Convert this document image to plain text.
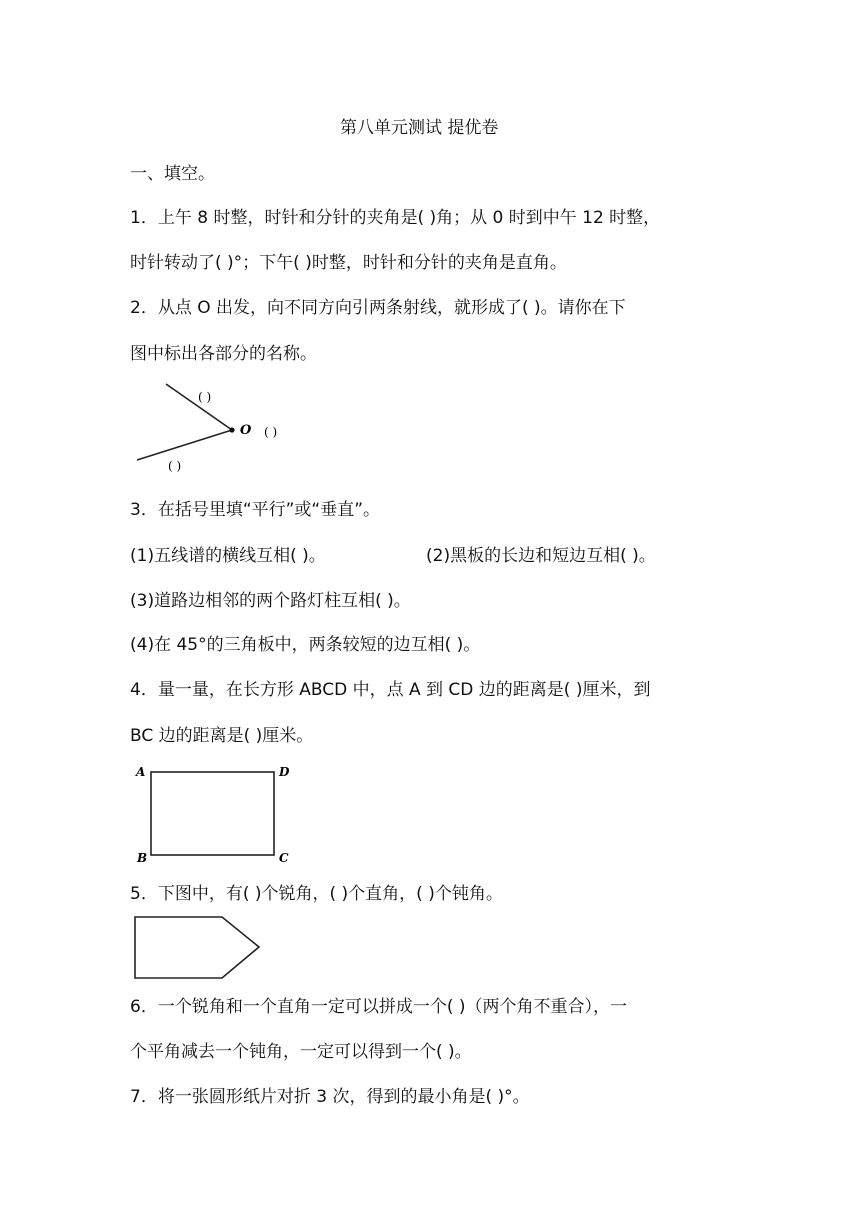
第八单元测试 提优卷
一、填空。
1．上午 8 时整，时针和分针的夹角是( )角；从 0 时到中午 12 时整，
时针转动了( )°；下午( )时整，时针和分针的夹角是直角。
2．从点 O 出发，向不同方向引两条射线，就形成了( )。请你在下
图中标出各部分的名称。
( )
O ( )
( )
3．在括号里填“平行”或“垂直”。
(1)五线谱的横线互相( )。	(2)黑板的长边和短边互相( )。
(3)道路边相邻的两个路灯柱互相( )。
(4)在 45°的三角板中，两条较短的边互相( )。
4．量一量，在长方形 ABCD 中，点 A 到 CD 边的距离是( )厘米，到
BC 边的距离是( )厘米。
A	D
B	C
5．下图中，有( )个锐角，( )个直角，( )个钝角。
6．一个锐角和一个直角一定可以拼成一个( )（两个角不重合），一
个平角减去一个钝角，一定可以得到一个( )。
7．将一张圆形纸片对折 3 次，得到的最小角是( )°。
